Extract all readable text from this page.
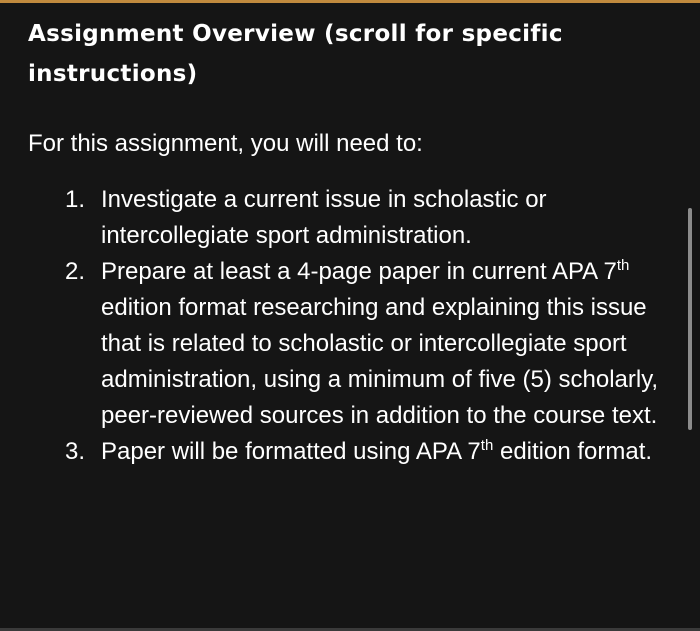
Assignment Overview (scroll for specific instructions)

For this assignment, you will need to:

1. Investigate a current issue in scholastic or intercollegiate sport administration.
2. Prepare at least a 4-page paper in current APA 7th edition format researching and explaining this issue that is related to scholastic or intercollegiate sport administration, using a minimum of five (5) scholarly, peer-reviewed sources in addition to the course text.
3. Paper will be formatted using APA 7th edition format.
